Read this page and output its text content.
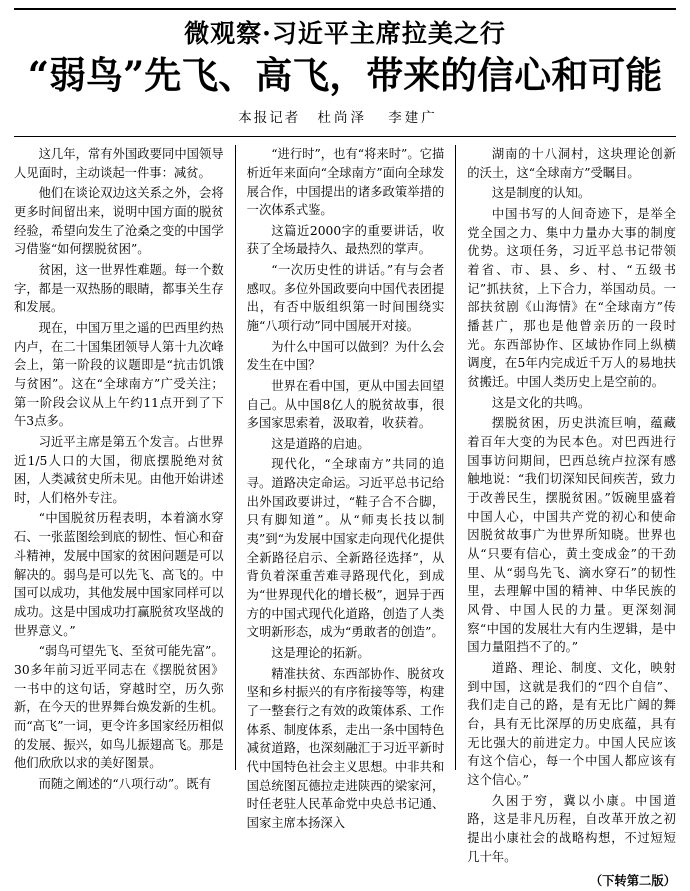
微观察·习近平主席拉美之行
“弱鸟”先飞、高飞，带来的信心和可能
本报记者 杜尚泽 李建广

这几年，常有外国政要同中国领导人见面时，主动谈起一件事：减贫。

他们在谈论双边这关系之外，会将更多时间留出来，说明中国方面的脱贫经验，希望向发生了沧桑之变的中国学习借鉴“如何摆脱贫困”。

贫困，这一世界性难题。每一个数字，都是一双热肠的眼睛，都事关生存和发展。

现在，中国万里之遥的巴西里约热内卢，在二十国集团领导人第十九次峰会上，第一阶段的议题即是“抗击饥饿与贫困”。这在“全球南方”广受关注；第一阶段会议从上午约11点开到了下午3点多。

习近平主席是第五个发言。占世界近1/5人口的大国，彻底摆脱绝对贫困，人类减贫史所未见。由他开始讲述时，人们格外专注。

“中国脱贫历程表明，本着滴水穿石、一张蓝图绘到底的韧性、恒心和奋斗精神，发展中国家的贫困问题是可以解决的。弱鸟是可以先飞、高飞的。中国可以成功，其他发展中国家同样可以成功。这是中国成功打赢脱贫攻坚战的世界意义。”

“弱鸟可望先飞、至贫可能先富”。30多年前习近平同志在《摆脱贫困》一书中的这句话，穿越时空，历久弥新，在今天的世界舞台焕发新的生机。而“高飞”一词，更令许多国家经历相似的发展、振兴，如鸟儿振翅高飞。那是他们欣欣以求的美好图景。

而随之阐述的“八项行动”。既有

“进行时”，也有“将来时”。它描析近年来面向“全球南方”面向全球发展合作，中国提出的诸多政策举措的一次体系式鉴。

这篇近2000字的重要讲话，收获了全场最持久、最热烈的掌声。

“一次历史性的讲话。”有与会者感叹。多位外国政要向中国代表团提出，有否中版组织第一时间围绕实施“八项行动”同中国展开对接。

为什么中国可以做到？为什么会发生在中国？

世界在看中国，更从中国去回望自己。从中国8亿人的脱贫故事，很多国家思索着，汲取着，收获着。

这是道路的启迪。

现代化，“全球南方”共同的追寻。道路决定命运。习近平总书记给出外国政要讲过，“鞋子合不合脚，只有脚知道”。从“师夷长技以制夷”到“为发展中国家走向现代化提供全新路径启示、全新路径选择”，从背负着深重苦难寻路现代化，到成为“世界现代化的增长极”，迥异于西方的中国式现代化道路，创造了人类文明新形态，成为“勇敢者的创造”。

这是理论的拓新。

精准扶贫、东西部协作、脱贫攻坚和乡村振兴的有序衔接等等，构建了一整套行之有效的政策体系、工作体系、制度体系，走出一条中国特色减贫道路，也深刻融汇于习近平新时代中国特色社会主义思想。中非共和国总统图瓦德拉走进陕西的梁家河，时任老驻人民革命党中央总书记通、国家主席本扬深入

湖南的十八洞村，这块理论创新的沃土，这“全球南方”受瞩目。

这是制度的认知。

中国书写的人间奇迹下，是举全党全国之力、集中力量办大事的制度优势。这项任务，习近平总书记带领着省、市、县、乡、村、“五级书记”抓扶贫，上下合力，举国动员。一部扶贫剧《山海情》在“全球南方”传播甚广，那也是他曾亲历的一段时光。东西部协作、区域协作同上纵横调度，在5年内完成近千万人的易地扶贫搬迁。中国人类历史上是空前的。

这是文化的共鸣。

摆脱贫困，历史洪流巨响，蕴藏着百年大变的为民本色。对巴西进行国事访问期间，巴西总统卢拉深有感触地说：“我们切深知民间疾苦，致力于改善民生，摆脱贫困。”饭碗里盛着中国人心，中国共产党的初心和使命因脱贫故事广为世界所知晓。世界也从“只要有信心，黄土变成金”的干劲里、从“弱鸟先飞、滴水穿石”的韧性里，去理解中国的精神、中华民族的风骨、中国人民的力量。更深刻洞察“中国的发展壮大有内生逻辑，是中国力量阻挡不了的。”

道路、理论、制度、文化，映射到中国，这就是我们的“四个自信”、我们走自己的路，是有无比广阔的舞台，具有无比深厚的历史底蕴，具有无比强大的前进定力。中国人民应该有这个信心，每一个中国人都应该有这个信心。”

久困于穷，冀以小康。中国道路，这是非凡历程，自改革开放之初提出小康社会的战略构想，不过短短几十年。

（下转第二版）
